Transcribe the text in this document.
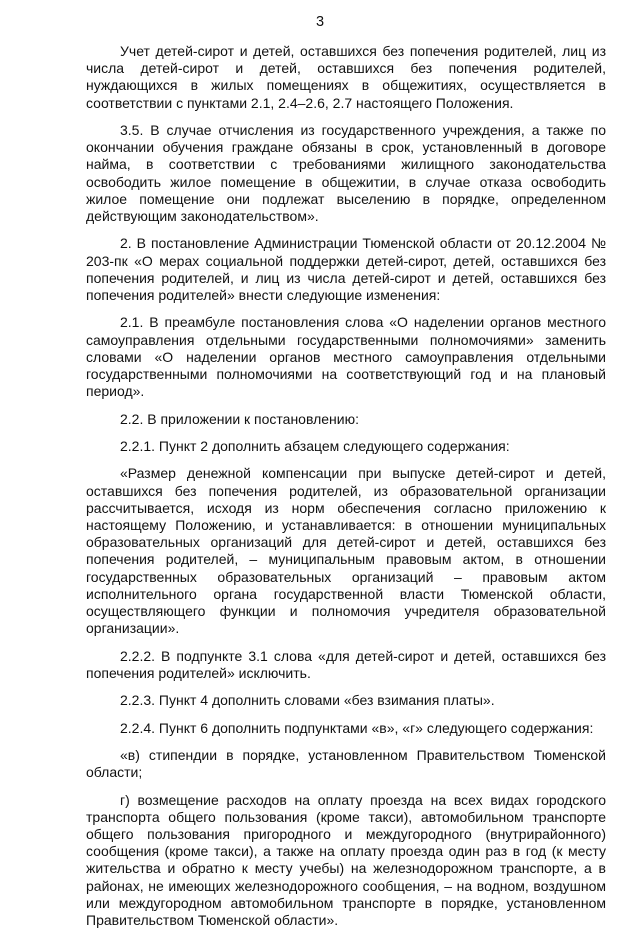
3

Учет детей-сирот и детей, оставшихся без попечения родителей, лиц из числа детей-сирот и детей, оставшихся без попечения родителей, нуждающихся в жилых помещениях в общежитиях, осуществляется в соответствии с пунктами 2.1, 2.4–2.6, 2.7 настоящего Положения.

3.5. В случае отчисления из государственного учреждения, а также по окончании обучения граждане обязаны в срок, установленный в договоре найма, в соответствии с требованиями жилищного законодательства освободить жилое помещение в общежитии, в случае отказа освободить жилое помещение они подлежат выселению в порядке, определенном действующим законодательством».

2. В постановление Администрации Тюменской области от 20.12.2004 № 203-пк «О мерах социальной поддержки детей-сирот, детей, оставшихся без попечения родителей, и лиц из числа детей-сирот и детей, оставшихся без попечения родителей» внести следующие изменения:

2.1. В преамбуле постановления слова «О наделении органов местного самоуправления отдельными государственными полномочиями» заменить словами «О наделении органов местного самоуправления отдельными государственными полномочиями на соответствующий год и на плановый период».

2.2. В приложении к постановлению:

2.2.1. Пункт 2 дополнить абзацем следующего содержания:

«Размер денежной компенсации при выпуске детей-сирот и детей, оставшихся без попечения родителей, из образовательной организации рассчитывается, исходя из норм обеспечения согласно приложению к настоящему Положению, и устанавливается: в отношении муниципальных образовательных организаций для детей-сирот и детей, оставшихся без попечения родителей, – муниципальным правовым актом, в отношении государственных образовательных организаций – правовым актом исполнительного органа государственной власти Тюменской области, осуществляющего функции и полномочия учредителя образовательной организации».

2.2.2. В подпункте 3.1 слова «для детей-сирот и детей, оставшихся без попечения родителей» исключить.

2.2.3. Пункт 4 дополнить словами «без взимания платы».

2.2.4. Пункт 6 дополнить подпунктами «в», «г» следующего содержания:

«в) стипендии в порядке, установленном Правительством Тюменской области;

г) возмещение расходов на оплату проезда на всех видах городского транспорта общего пользования (кроме такси), автомобильном транспорте общего пользования пригородного и междугородного (внутрирайонного) сообщения (кроме такси), а также на оплату проезда один раз в год (к месту жительства и обратно к месту учебы) на железнодорожном транспорте, а в районах, не имеющих железнодорожного сообщения, – на водном, воздушном или междугородном автомобильном транспорте в порядке, установленном Правительством Тюменской области».
